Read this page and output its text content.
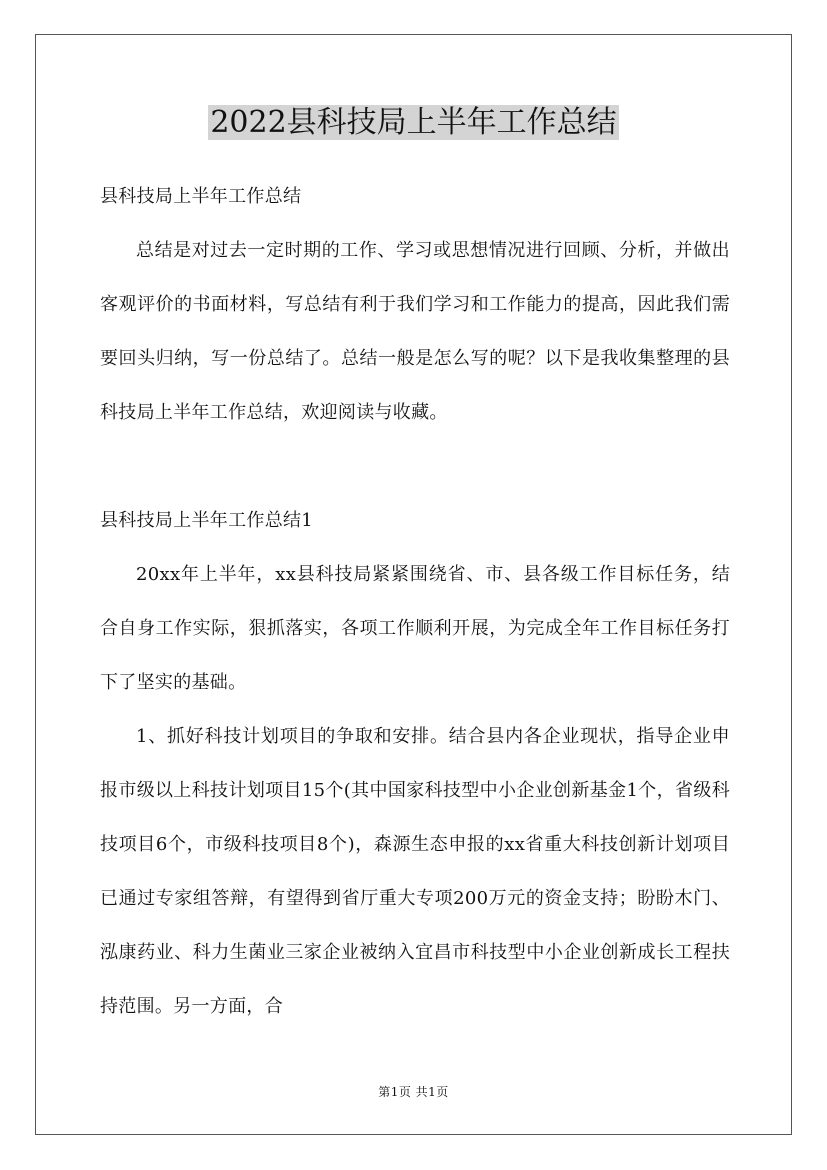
2022县科技局上半年工作总结

县科技局上半年工作总结

总结是对过去一定时期的工作、学习或思想情况进行回顾、分析，并做出客观评价的书面材料，写总结有利于我们学习和工作能力的提高，因此我们需要回头归纳，写一份总结了。总结一般是怎么写的呢？以下是我收集整理的县科技局上半年工作总结，欢迎阅读与收藏。

县科技局上半年工作总结1

20xx年上半年，xx县科技局紧紧围绕省、市、县各级工作目标任务，结合自身工作实际，狠抓落实，各项工作顺利开展，为完成全年工作目标任务打下了坚实的基础。

1、抓好科技计划项目的争取和安排。结合县内各企业现状，指导企业申报市级以上科技计划项目15个(其中国家科技型中小企业创新基金1个，省级科技项目6个，市级科技项目8个)，森源生态申报的xx省重大科技创新计划项目已通过专家组答辩，有望得到省厅重大专项200万元的资金支持；盼盼木门、泓康药业、科力生菌业三家企业被纳入宜昌市科技型中小企业创新成长工程扶持范围。另一方面，合

第1页 共1页
